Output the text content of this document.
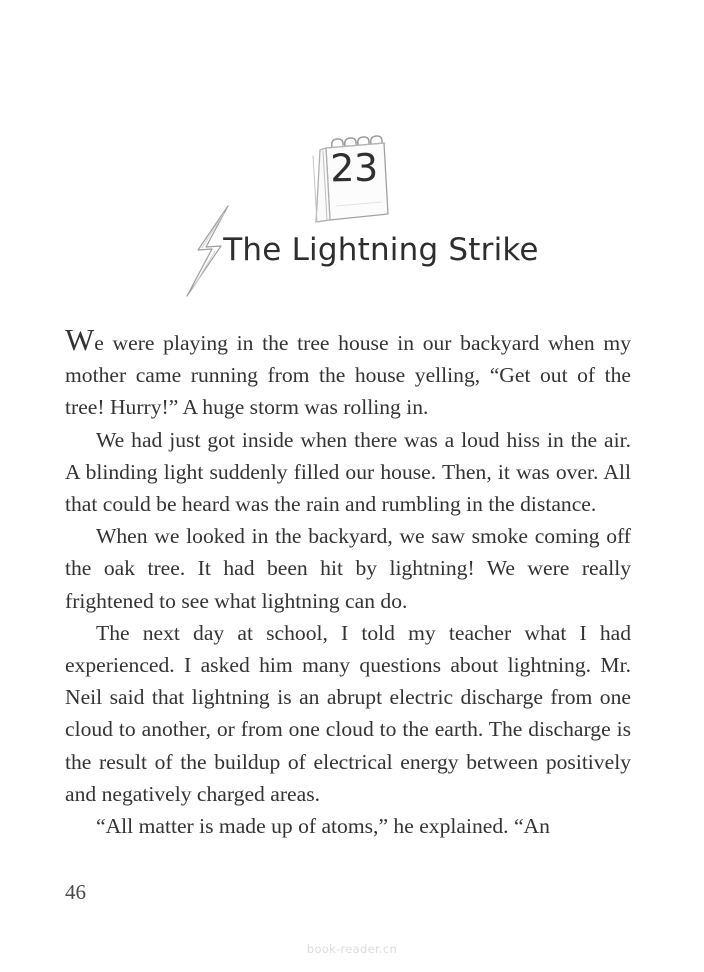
23
The Lightning Strike

We were playing in the tree house in our backyard when my mother came running from the house yelling, “Get out of the tree! Hurry!” A huge storm was rolling in.

We had just got inside when there was a loud hiss in the air. A blinding light suddenly filled our house. Then, it was over. All that could be heard was the rain and rumbling in the distance.

When we looked in the backyard, we saw smoke coming off the oak tree. It had been hit by lightning! We were really frightened to see what lightning can do.

The next day at school, I told my teacher what I had experienced. I asked him many questions about lightning. Mr. Neil said that lightning is an abrupt electric discharge from one cloud to another, or from one cloud to the earth. The discharge is the result of the buildup of electrical energy between positively and negatively charged areas.

“All matter is made up of atoms,” he explained. “An

46
book-reader.cn
